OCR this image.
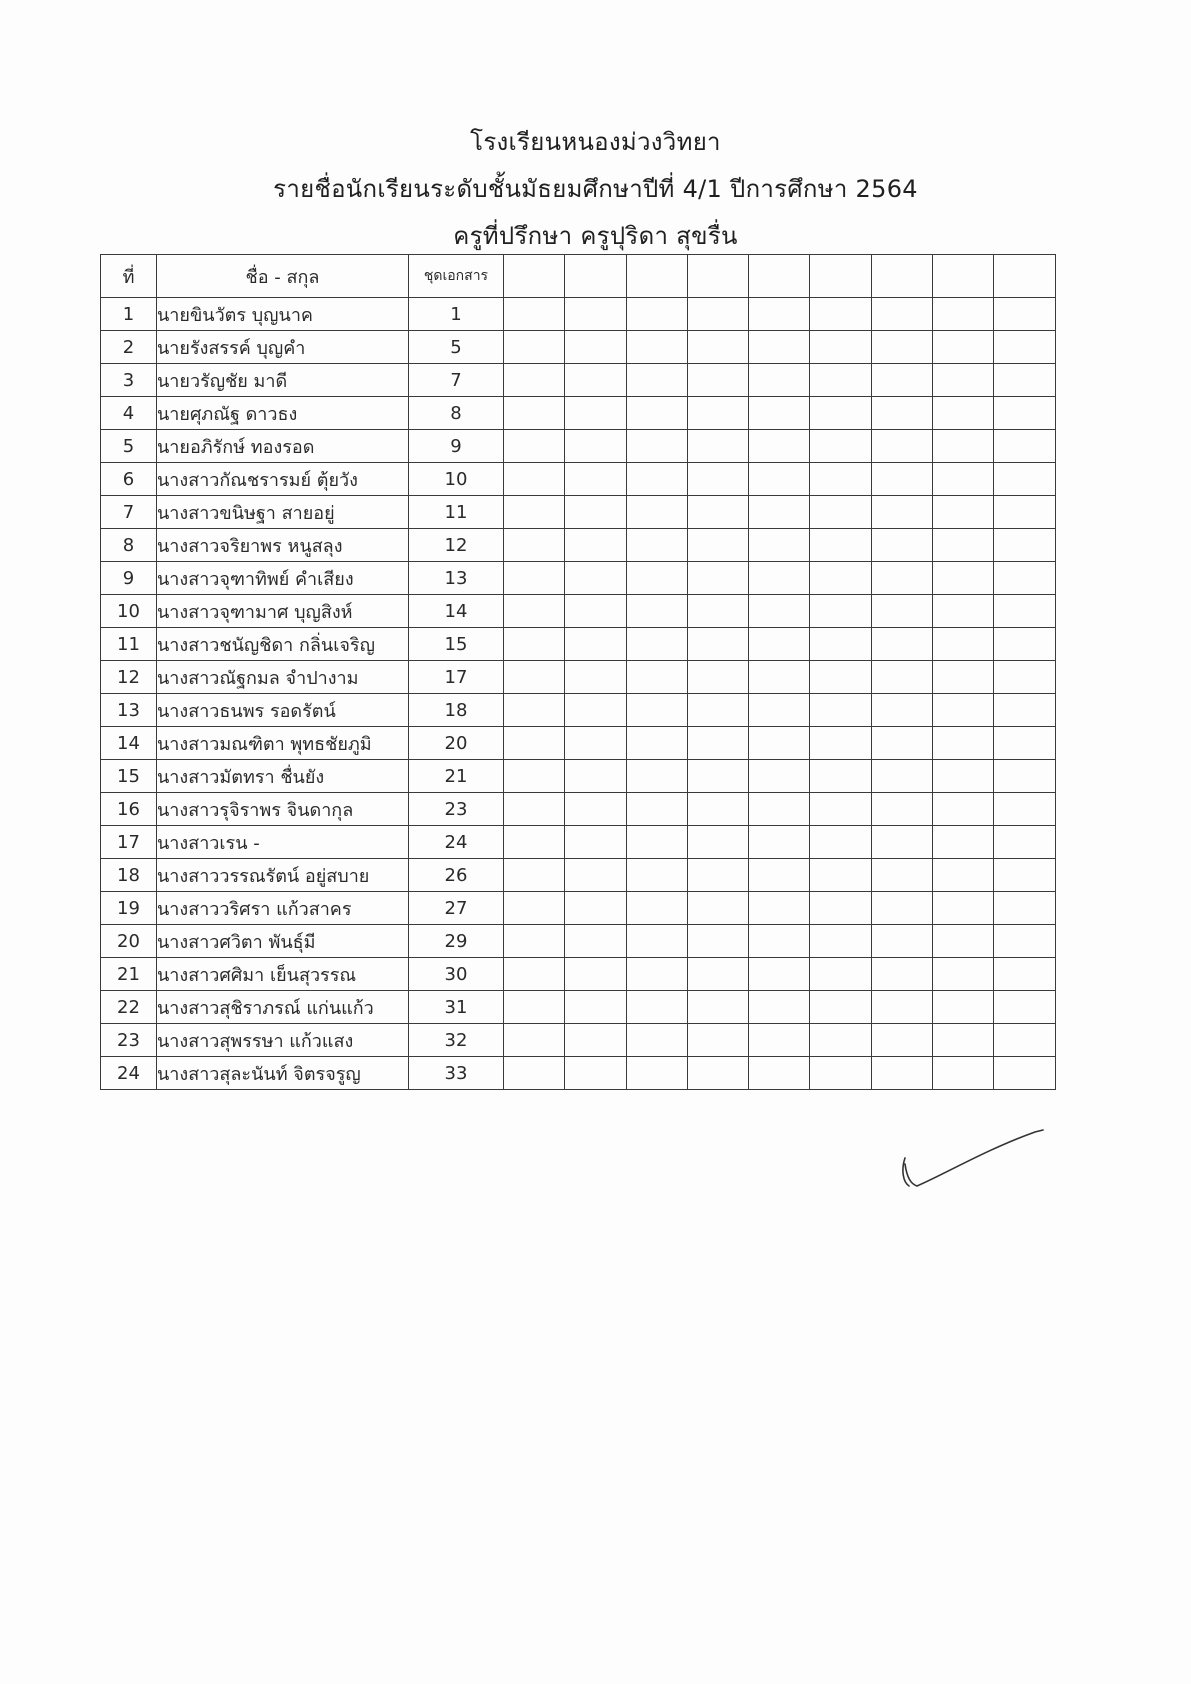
โรงเรียนหนองม่วงวิทยา
รายชื่อนักเรียนระดับชั้นมัธยมศึกษาปีที่ 4/1 ปีการศึกษา 2564
ครูที่ปรึกษา ครูปุริดา สุขรื่น
ที่	ชื่อ - สกุล	ชุดเอกสาร									
1	นายขินวัตร บุญนาค	1									
2	นายรังสรรค์ บุญคำ	5									
3	นายวรัญชัย มาดี	7									
4	นายศุภณัฐ ดาวธง	8									
5	นายอภิรักษ์ ทองรอด	9									
6	นางสาวกัณชรารมย์ ตุ้ยวัง	10									
7	นางสาวขนิษฐา สายอยู่	11									
8	นางสาวจริยาพร หนูสลุง	12									
9	นางสาวจุฑาทิพย์ คำเสียง	13									
10	นางสาวจุฑามาศ บุญสิงห์	14									
11	นางสาวชนัญชิดา กลิ่นเจริญ	15									
12	นางสาวณัฐกมล จำปางาม	17									
13	นางสาวธนพร รอดรัตน์	18									
14	นางสาวมณฑิตา พุทธชัยภูมิ	20									
15	นางสาวมัตทรา ชื่นยัง	21									
16	นางสาวรุจิราพร จินดากุล	23									
17	นางสาวเรน -	24									
18	นางสาววรรณรัตน์ อยู่สบาย	26									
19	นางสาววริศรา แก้วสาคร	27									
20	นางสาวศวิตา พันธุ์มี	29									
21	นางสาวศศิมา เย็นสุวรรณ	30									
22	นางสาวสุชิราภรณ์ แก่นแก้ว	31									
23	นางสาวสุพรรษา แก้วแสง	32									
24	นางสาวสุละนันท์ จิตรจรูญ	33									
